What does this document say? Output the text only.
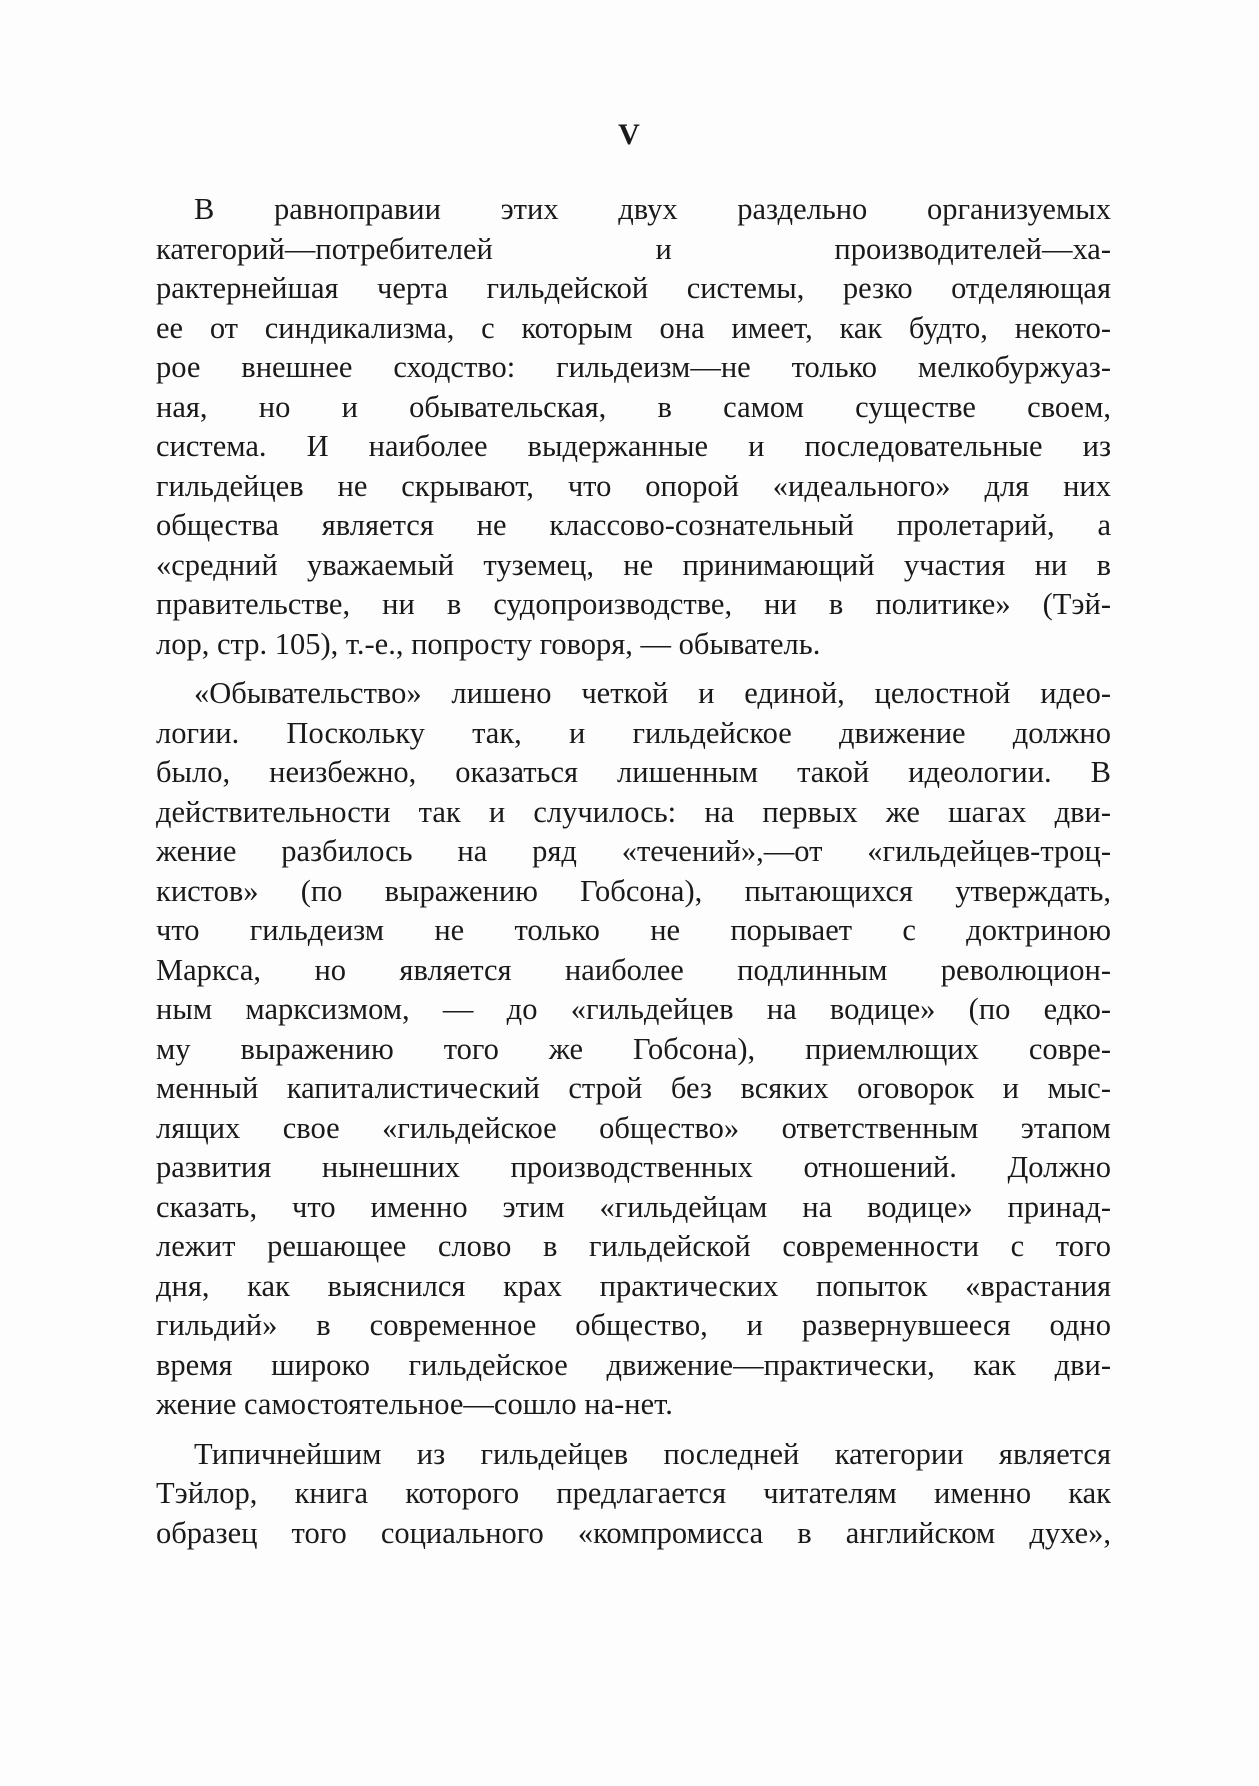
V
В равноправии этих двух раздельно организуемых
категорий—потребителей и производителей—ха-
рактернейшая черта гильдейской системы, резко отделяющая
ее от синдикализма, с которым она имеет, как будто, некото-
рое внешнее сходство: гильдеизм—не только мелкобуржуаз-
ная, но и обывательская, в самом существе своем,
система. И наиболее выдержанные и последовательные из
гильдейцев не скрывают, что опорой «идеального» для них
общества является не классово-сознательный пролетарий, а
«средний уважаемый туземец, не принимающий участия ни в
правительстве, ни в судопроизводстве, ни в политике» (Тэй-
лор, стр. 105), т.-е., попросту говоря, — обыватель.
«Обывательство» лишено четкой и единой, целостной идео-
логии. Поскольку так, и гильдейское движение должно
было, неизбежно, оказаться лишенным такой идеологии. В
действительности так и случилось: на первых же шагах дви-
жение разбилось на ряд «течений»,—от «гильдейцев-троц-
кистов» (по выражению Гобсона), пытающихся утверждать,
что гильдеизм не только не порывает с доктриною
Маркса, но является наиболее подлинным революцион-
ным марксизмом, — до «гильдейцев на водице» (по едко-
му выражению того же Гобсона), приемлющих совре-
менный капиталистический строй без всяких оговорок и мыс-
лящих свое «гильдейское общество» ответственным этапом
развития нынешних производственных отношений. Должно
сказать, что именно этим «гильдейцам на водице» принад-
лежит решающее слово в гильдейской современности с того
дня, как выяснился крах практических попыток «врастания
гильдий» в современное общество, и развернувшееся одно
время широко гильдейское движение—практически, как дви-
жение самостоятельное—сошло на-нет.
Типичнейшим из гильдейцев последней категории является
Тэйлор, книга которого предлагается читателям именно как
образец того социального «компромисса в английском духе»,
